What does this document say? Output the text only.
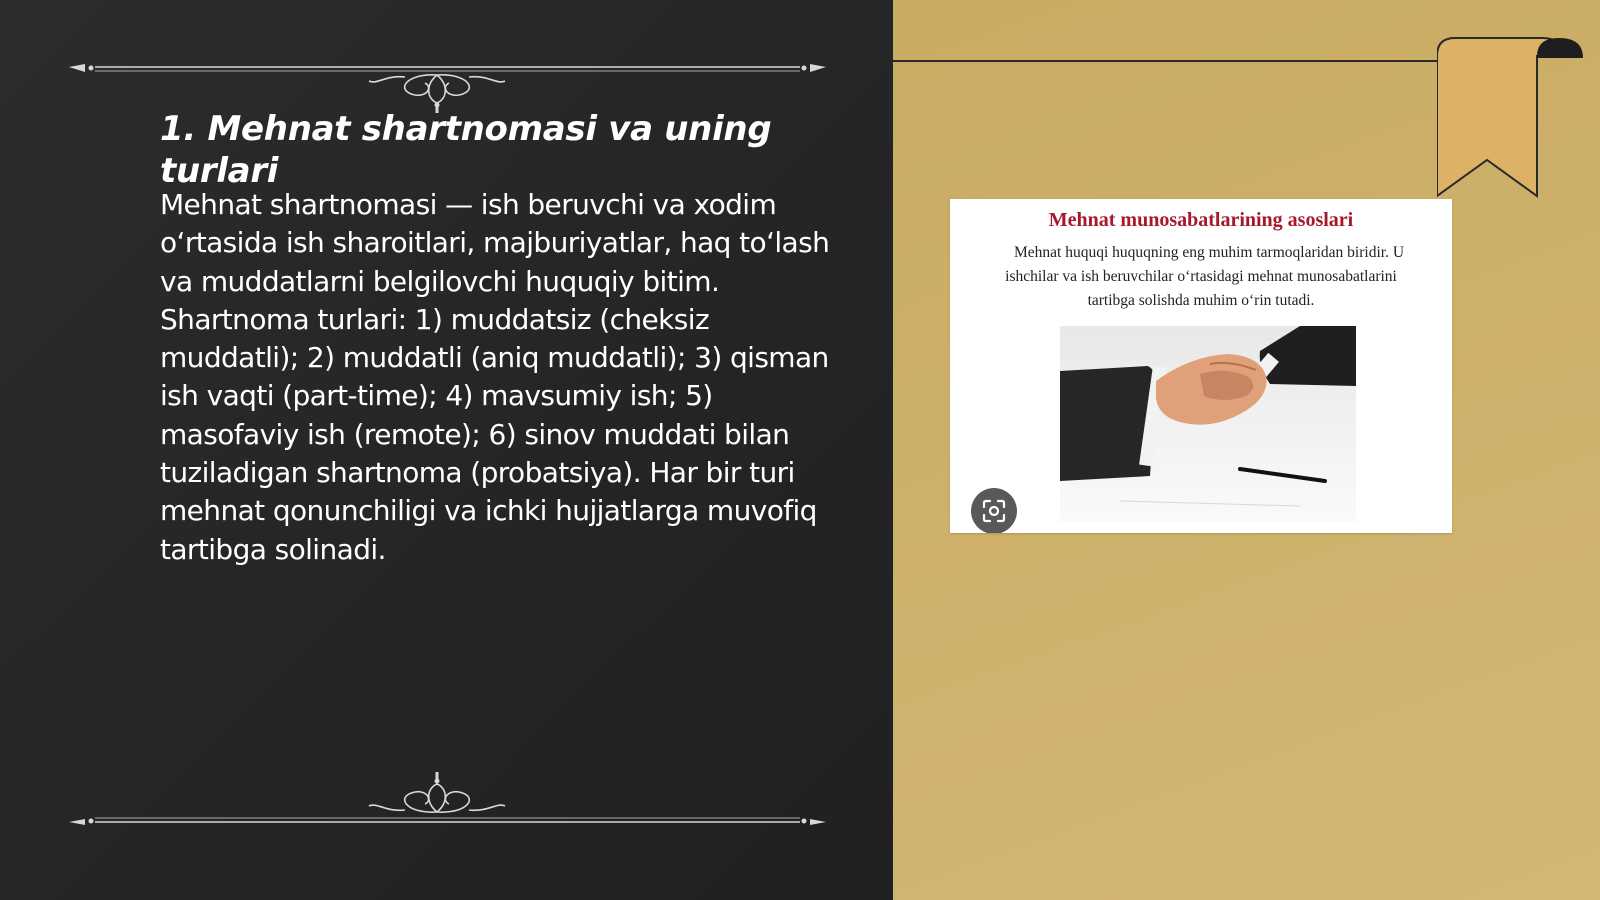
1. Mehnat shartnomasi va uning turlari

Mehnat shartnomasi — ish beruvchi va xodim o‘rtasida ish sharoitlari, majburiyatlar, haq to‘lash va muddatlarni belgilovchi huquqiy bitim. Shartnoma turlari: 1) muddatsiz (cheksiz muddatli); 2) muddatli (aniq muddatli); 3) qisman ish vaqti (part-time); 4) mavsumiy ish; 5) masofaviy ish (remote); 6) sinov muddati bilan tuziladigan shartnoma (probatsiya). Har bir turi mehnat qonunchiligi va ichki hujjatlarga muvofiq tartibga solinadi.

Mehnat munosabatlarining asoslari
Mehnat huquqi huquqning eng muhim tarmoqlaridan biridir. U ishchilar va ish beruvchilar o‘rtasidagi mehnat munosabatlarini tartibga solishda muhim o‘rin tutadi.
